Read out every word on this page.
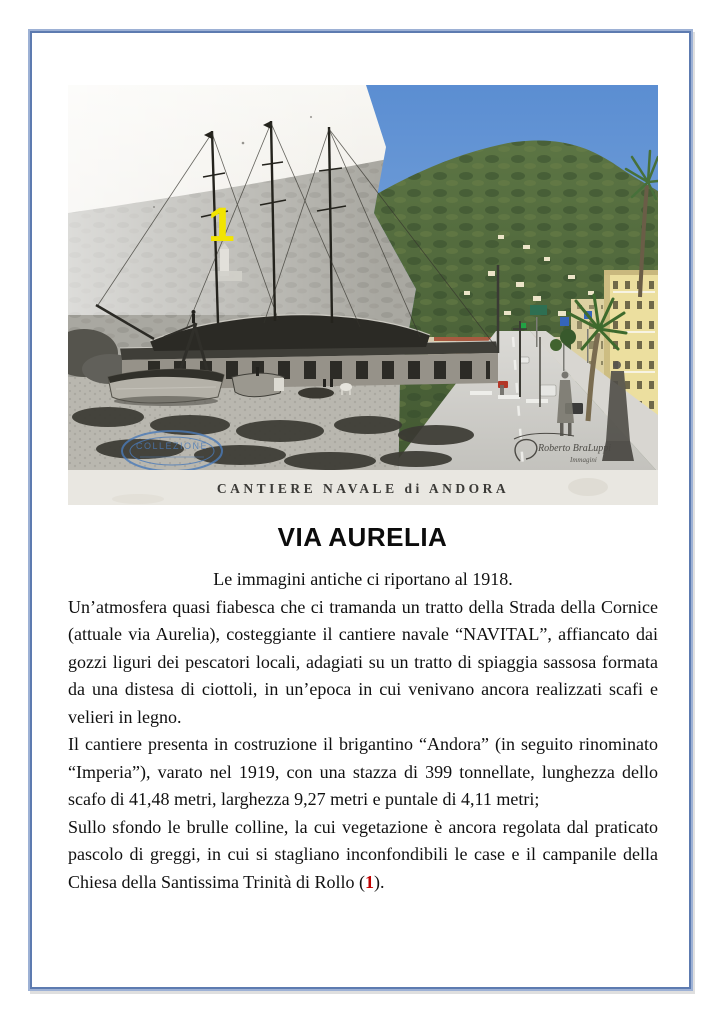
1
COLLEZIONE	Roberto BraLuppi
Immagini
CANTIERE NAVALE di ANDORA
VIA AURELIA

Le immagini antiche ci riportano al 1918.

Un’atmosfera quasi fiabesca che ci tramanda un tratto della Strada della Cornice (attuale via Aurelia), costeggiante il cantiere navale “NAVITAL”, affiancato dai gozzi liguri dei pescatori locali, adagiati su un tratto di spiaggia sassosa formata da una distesa di ciottoli, in un’epoca in cui venivano ancora realizzati scafi e velieri in legno.

Il cantiere presenta in costruzione il brigantino “Andora” (in seguito rinominato “Imperia”), varato nel 1919, con una stazza di 399 tonnellate, lunghezza dello scafo di 41,48 metri, larghezza 9,27 metri e puntale di 4,11 metri;

Sullo sfondo le brulle colline, la cui vegetazione è ancora regolata dal praticato pascolo di greggi, in cui si stagliano inconfondibili le case e il campanile della Chiesa della Santissima Trinità di Rollo (1).
